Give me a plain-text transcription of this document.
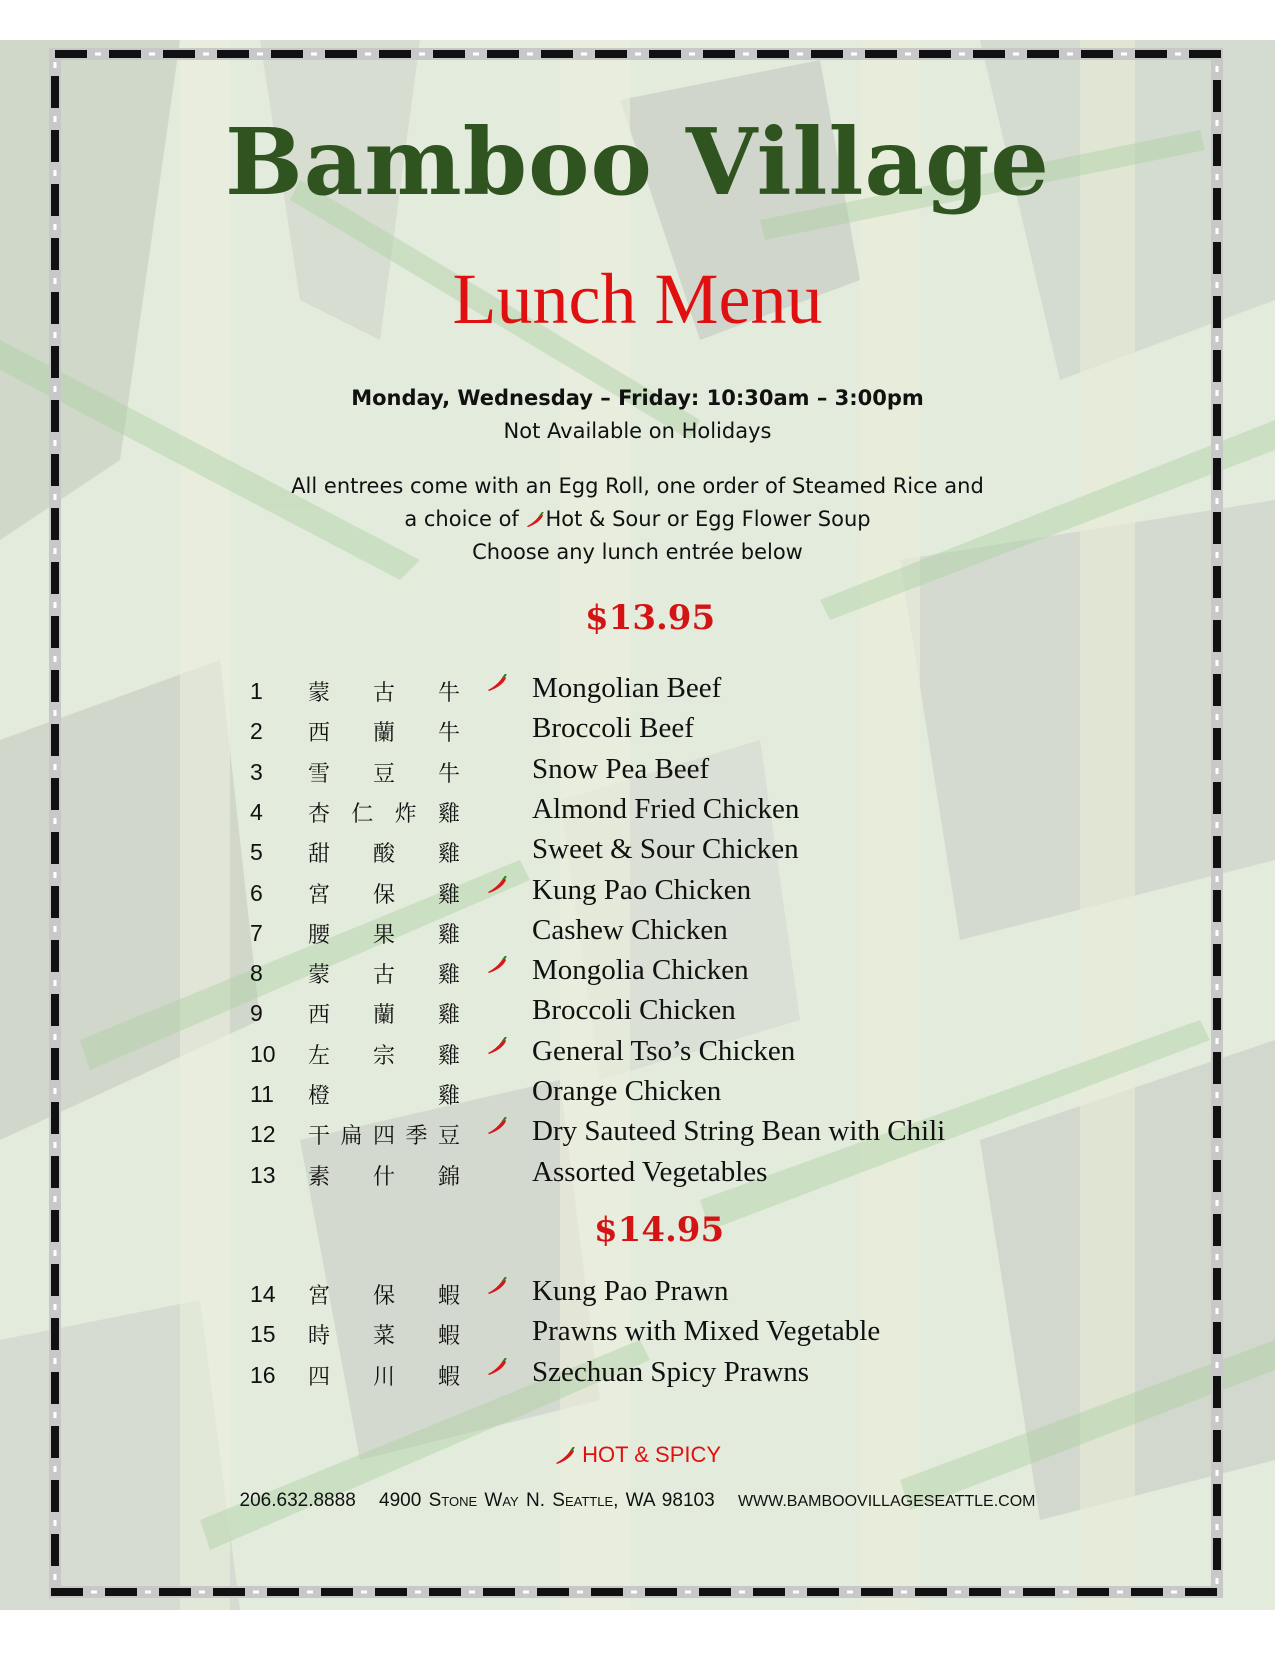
Bamboo Village
Lunch Menu
Monday, Wednesday – Friday: 10:30am – 3:00pm
Not Available on Holidays
All entrees come with an Egg Roll, one order of Steamed Rice and
a choice of Hot & Sour or Egg Flower Soup
Choose any lunch entrée below
$13.95
1 蒙 古 牛 Mongolian Beef
2 西 蘭 牛 Broccoli Beef
3 雪 豆 牛 Snow Pea Beef
4 杏 仁 炸 雞 Almond Fried Chicken
5 甜 酸 雞 Sweet & Sour Chicken
6 宮 保 雞 Kung Pao Chicken
7 腰 果 雞 Cashew Chicken
8 蒙 古 雞 Mongolia Chicken
9 西 蘭 雞 Broccoli Chicken
10 左 宗 雞 General Tso’s Chicken
11 橙	雞 Orange Chicken
12 干 扁 四 季 豆 Dry Sauteed String Bean with Chili
13 素 什 錦 Assorted Vegetables
$14.95
14 宮 保 蝦 Kung Pao Prawn
15 時 菜 蝦 Prawns with Mixed Vegetable
16 四 川 蝦 Szechuan Spicy Prawns
HOT & SPICY
206.632.8888 4900 Stone Way N. Seattle, WA 98103 WWW.BAMBOOVILLAGESEATTLE.COM
